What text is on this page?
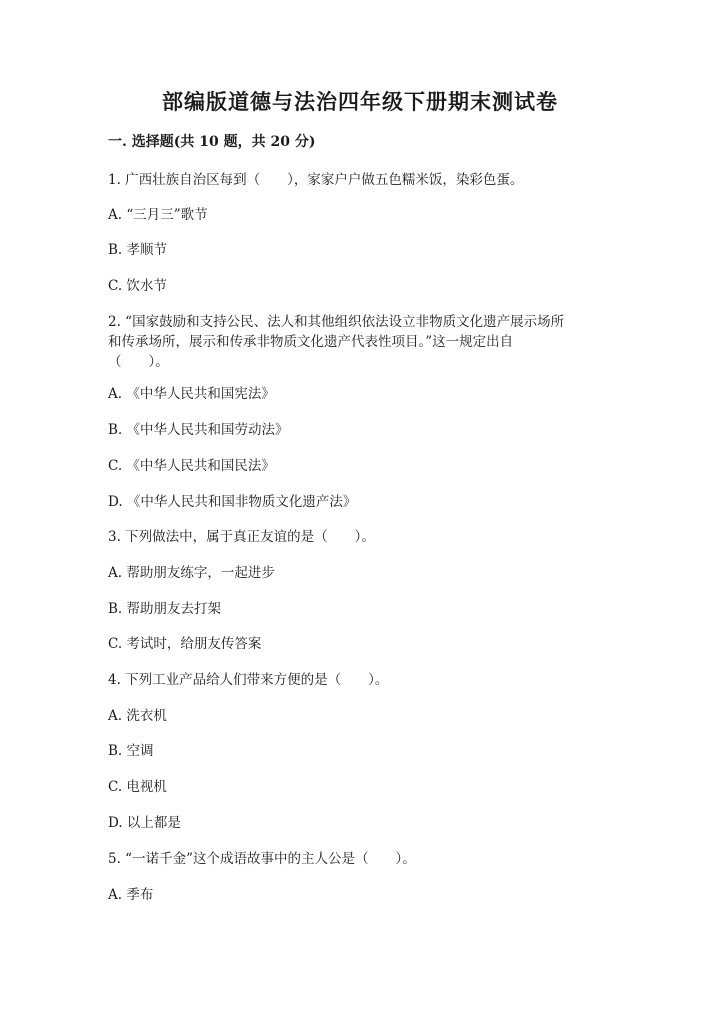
部编版道德与法治四年级下册期末测试卷
一. 选择题(共 10 题，共 20 分)
1. 广西壮族自治区每到（　　），家家户户做五色糯米饭，染彩色蛋。
A. “三月三”歌节
B. 孝顺节
C. 饮水节
2. “国家鼓励和支持公民、法人和其他组织依法设立非物质文化遗产展示场所
和传承场所，展示和传承非物质文化遗产代表性项目。”这一规定出自
（　　）。
A. 《中华人民共和国宪法》
B. 《中华人民共和国劳动法》
C. 《中华人民共和国民法》
D. 《中华人民共和国非物质文化遗产法》
3. 下列做法中，属于真正友谊的是（　　）。
A. 帮助朋友练字，一起进步
B. 帮助朋友去打架
C. 考试时，给朋友传答案
4. 下列工业产品给人们带来方便的是（　　）。
A. 洗衣机
B. 空调
C. 电视机
D. 以上都是
5. “一诺千金”这个成语故事中的主人公是（　　）。
A. 季布
